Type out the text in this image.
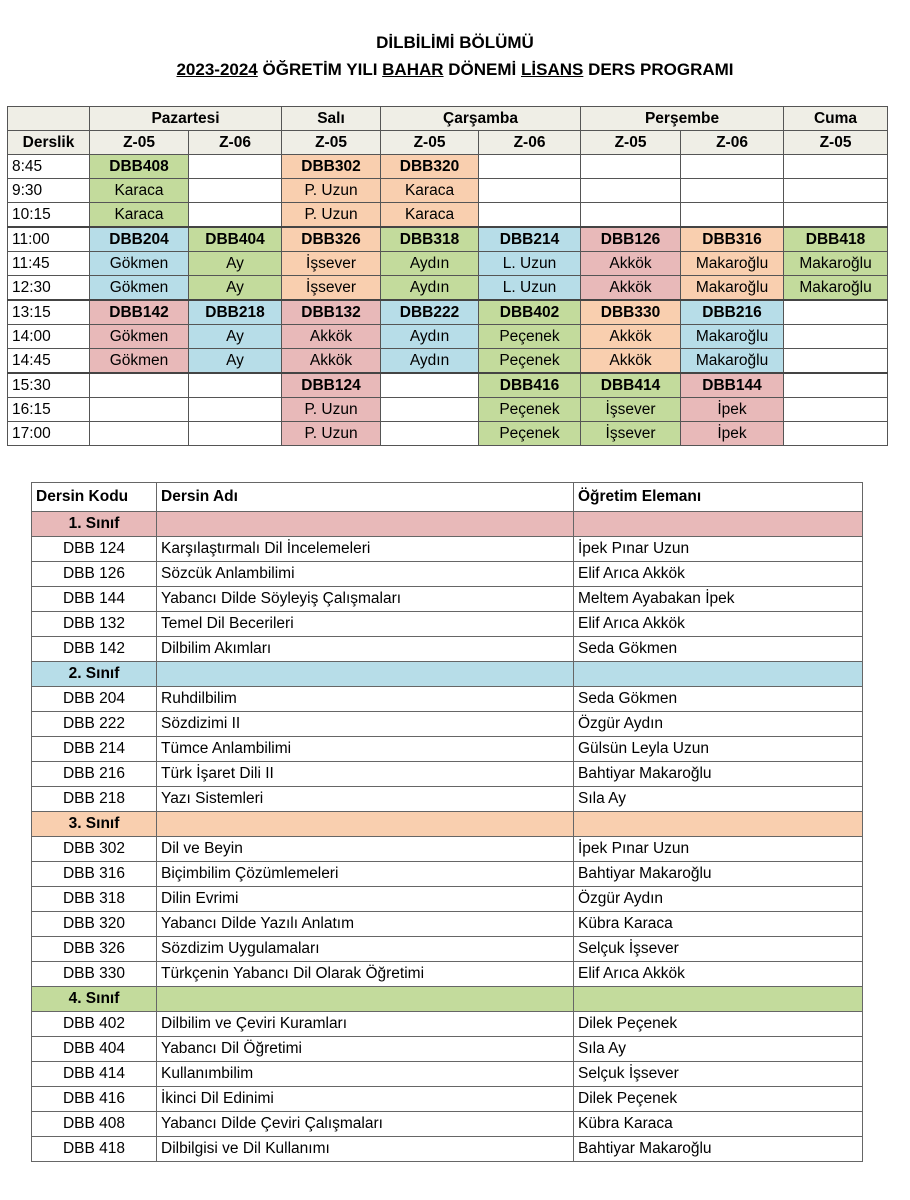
DİLBİLİMİ BÖLÜMÜ
2023-2024 ÖĞRETİM YILI BAHAR DÖNEMİ LİSANS DERS PROGRAMI
	Pazartesi		Salı	Çarşamba		Perşembe		Cuma
Derslik	Z-05	Z-06	Z-05	Z-05	Z-06	Z-05	Z-06	Z-05
8:45	DBB408		DBB302	DBB320				
9:30	Karaca		P. Uzun	Karaca				
10:15	Karaca		P. Uzun	Karaca				
11:00	DBB204	DBB404	DBB326	DBB318	DBB214	DBB126	DBB316	DBB418
11:45	Gökmen	Ay	İşsever	Aydın	L. Uzun	Akkök	Makaroğlu	Makaroğlu
12:30	Gökmen	Ay	İşsever	Aydın	L. Uzun	Akkök	Makaroğlu	Makaroğlu
13:15	DBB142	DBB218	DBB132	DBB222	DBB402	DBB330	DBB216	
14:00	Gökmen	Ay	Akkök	Aydın	Peçenek	Akkök	Makaroğlu	
14:45	Gökmen	Ay	Akkök	Aydın	Peçenek	Akkök	Makaroğlu	
15:30			DBB124		DBB416	DBB414	DBB144	
16:15			P. Uzun		Peçenek	İşsever	İpek	
17:00			P. Uzun		Peçenek	İşsever	İpek	
Dersin Kodu	Dersin Adı	Öğretim Elemanı
1. Sınıf		
DBB 124	Karşılaştırmalı Dil İncelemeleri	İpek Pınar Uzun
DBB 126	Sözcük Anlambilimi	Elif Arıca Akkök
DBB 144	Yabancı Dilde Söyleyiş Çalışmaları	Meltem Ayabakan İpek
DBB 132	Temel Dil Becerileri	Elif Arıca Akkök
DBB 142	Dilbilim Akımları	Seda Gökmen
2. Sınıf		
DBB 204	Ruhdilbilim	Seda Gökmen
DBB 222	Sözdizimi II	Özgür Aydın
DBB 214	Tümce Anlambilimi	Gülsün Leyla Uzun
DBB 216	Türk İşaret Dili II	Bahtiyar Makaroğlu
DBB 218	Yazı Sistemleri	Sıla Ay
3. Sınıf		
DBB 302	Dil ve Beyin	İpek Pınar Uzun
DBB 316	Biçimbilim Çözümlemeleri	Bahtiyar Makaroğlu
DBB 318	Dilin Evrimi	Özgür Aydın
DBB 320	Yabancı Dilde Yazılı Anlatım	Kübra Karaca
DBB 326	Sözdizim Uygulamaları	Selçuk İşsever
DBB 330	Türkçenin Yabancı Dil Olarak Öğretimi	Elif Arıca Akkök
4. Sınıf		
DBB 402	Dilbilim ve Çeviri Kuramları	Dilek Peçenek
DBB 404	Yabancı Dil Öğretimi	Sıla Ay
DBB 414	Kullanımbilim	Selçuk İşsever
DBB 416	İkinci Dil Edinimi	Dilek Peçenek
DBB 408	Yabancı Dilde Çeviri Çalışmaları	Kübra Karaca
DBB 418	Dilbilgisi ve Dil Kullanımı	Bahtiyar Makaroğlu
